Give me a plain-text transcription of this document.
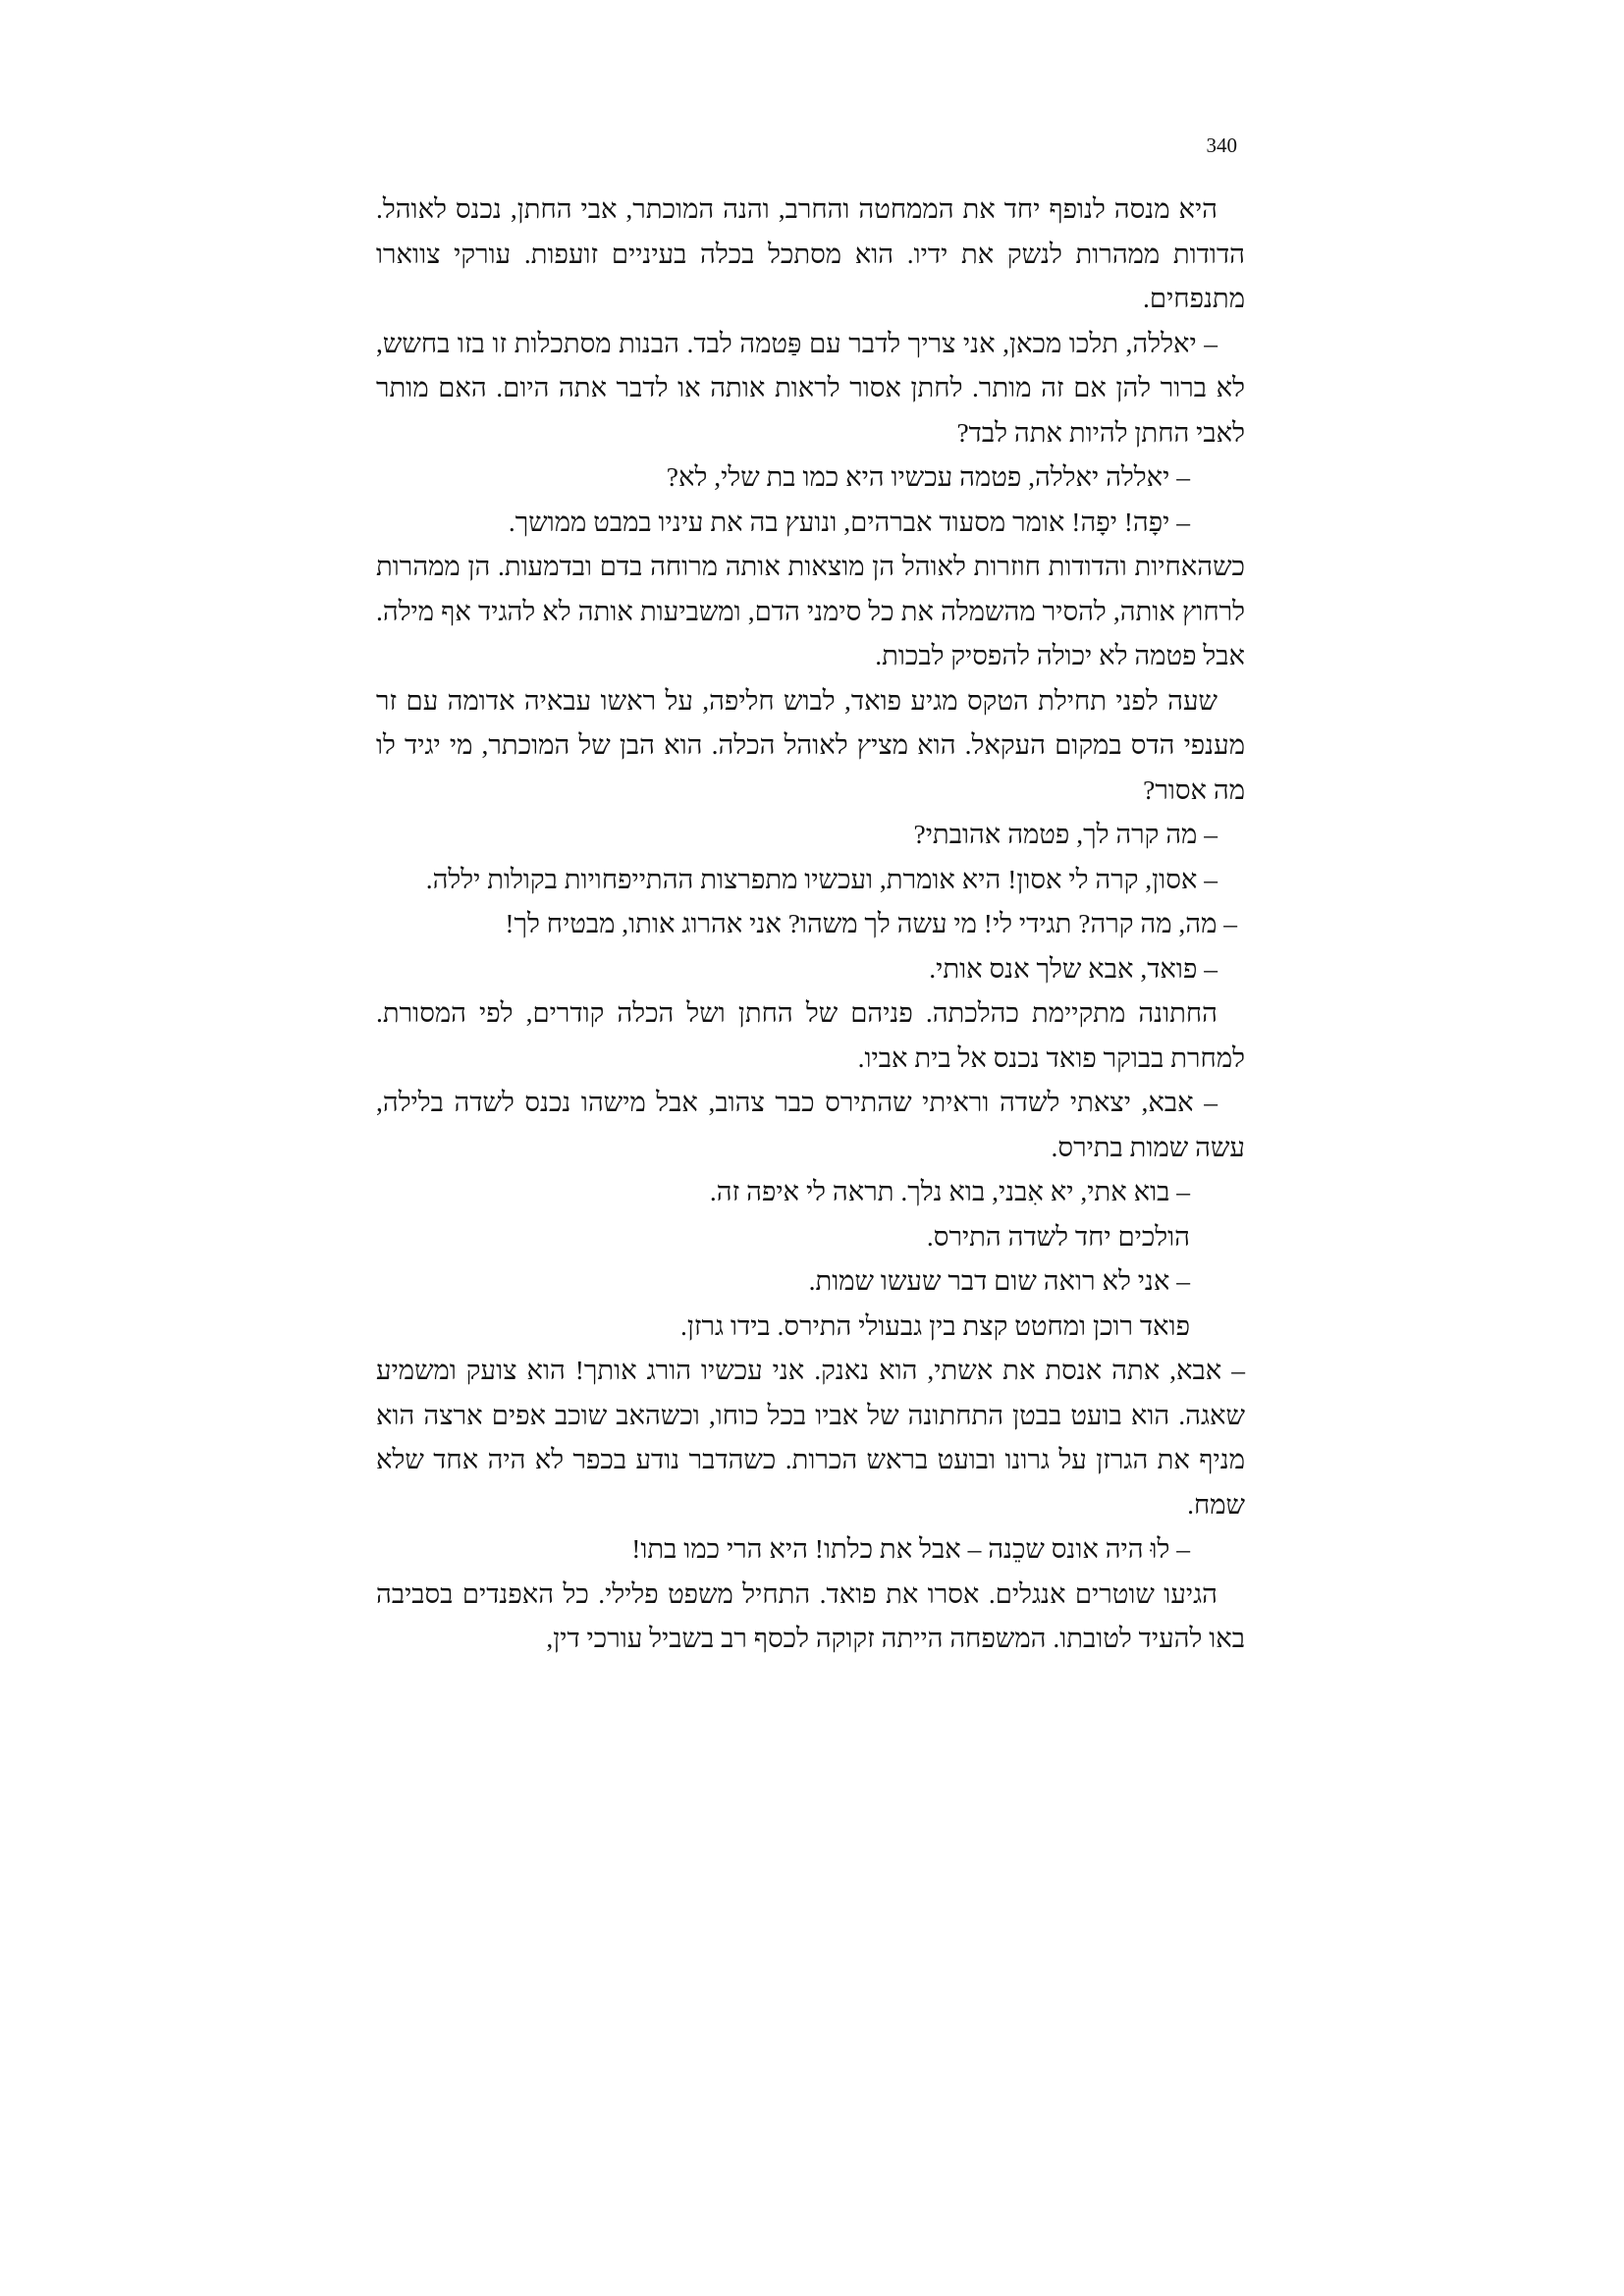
340

היא מנסה לנופף יחד את הממחטה והחרב, והנה המוכתר, אבי החתן, נכנס לאוהל. הדודות ממהרות לנשק את ידיו. הוא מסתכל בכלה בעיניים זועפות. עורקי צווארו מתנפחים.

– יאללה, תלכו מכאן, אני צריך לדבר עם פַּטמה לבד. הבנות מסתכלות זו בזו בחשש, לא ברור להן אם זה מותר. לחתן אסור לראות אותה או לדבר אתה היום. האם מותר לאבי החתן להיות אתה לבד?

– יאללה יאללה, פטמה עכשיו היא כמו בת שלי, לא?

– יפָה! יפָה! אומר מסעוד אברהים, ונועץ בה את עיניו במבט ממושך.

כשהאחיות והדודות חוזרות לאוהל הן מוצאות אותה מרוחה בדם ובדמעות. הן ממהרות לרחוץ אותה, להסיר מהשמלה את כל סימני הדם, ומשביעות אותה לא להגיד אף מילה. אבל פטמה לא יכולה להפסיק לבכות.

שעה לפני תחילת הטקס מגיע פואד, לבוש חליפה, על ראשו עבאיה אדומה עם זר מענפי הדס במקום העקאל. הוא מציץ לאוהל הכלה. הוא הבן של המוכתר, מי יגיד לו מה אסור?

– מה קרה לך, פטמה אהובתי?

– אסון, קרה לי אסון! היא אומרת, ועכשיו מתפרצות ההתייפחויות בקולות יללה.

– מה, מה קרה? תגידי לי! מי עשה לך משהו? אני אהרוג אותו, מבטיח לך!

– פואד, אבא שלך אנס אותי.

החתונה מתקיימת כהלכתה. פניהם של החתן ושל הכלה קודרים, לפי המסורת. למחרת בבוקר פואד נכנס אל בית אביו.

– אבא, יצאתי לשדה וראיתי שהתירס כבר צהוב, אבל מישהו נכנס לשדה בלילה, עשה שמות בתירס.

– בוא אתי, יא אִבני, בוא נלך. תראה לי איפה זה.

הולכים יחד לשדה התירס.

– אני לא רואה שום דבר שעשו שמות.

פואד רוכן ומחטט קצת בין גבעולי התירס. בידו גרזן.

– אבא, אתה אנסת את אשתי, הוא נאנק. אני עכשיו הורג אותך! הוא צועק ומשמיע שאגה. הוא בועט בבטן התחתונה של אביו בכל כוחו, וכשהאב שוכב אפים ארצה הוא מניף את הגרזן על גרונו ובועט בראש הכרות. כשהדבר נודע בכפר לא היה אחד שלא שמח.

– לוּ היה אונס שכֵנה – אבל את כלתו! היא הרי כמו בתו!

הגיעו שוטרים אנגלים. אסרו את פואד. התחיל משפט פלילי. כל האפנדים בסביבה באו להעיד לטובתו. המשפחה הייתה זקוקה לכסף רב בשביל עורכי דין,
